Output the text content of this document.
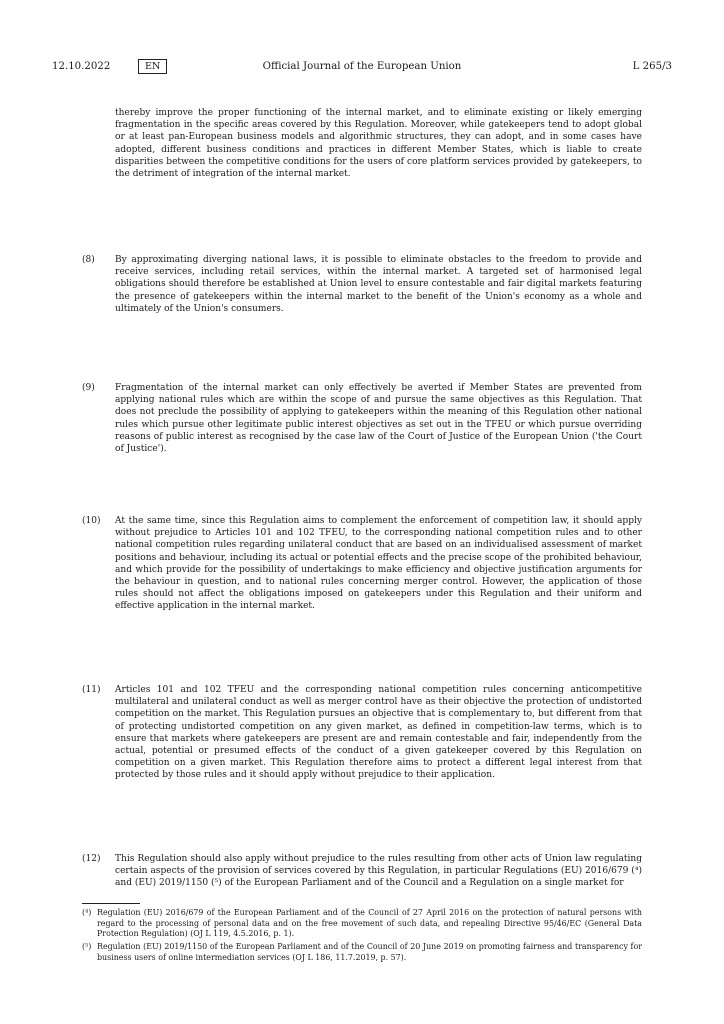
12.10.2022	EN	Official Journal of the European Union	L 265/3
thereby improve the proper functioning of the internal market, and to eliminate existing or likely emerging fragmentation in the specific areas covered by this Regulation. Moreover, while gatekeepers tend to adopt global or at least pan-European business models and algorithmic structures, they can adopt, and in some cases have adopted, different business conditions and practices in different Member States, which is liable to create disparities between the competitive conditions for the users of core platform services provided by gatekeepers, to the detriment of integration of the internal market.
(8) By approximating diverging national laws, it is possible to eliminate obstacles to the freedom to provide and receive services, including retail services, within the internal market. A targeted set of harmonised legal obligations should therefore be established at Union level to ensure contestable and fair digital markets featuring the presence of gatekeepers within the internal market to the benefit of the Union's economy as a whole and ultimately of the Union's consumers.
(9) Fragmentation of the internal market can only effectively be averted if Member States are prevented from applying national rules which are within the scope of and pursue the same objectives as this Regulation. That does not preclude the possibility of applying to gatekeepers within the meaning of this Regulation other national rules which pursue other legitimate public interest objectives as set out in the TFEU or which pursue overriding reasons of public interest as recognised by the case law of the Court of Justice of the European Union ('the Court of Justice').
(10) At the same time, since this Regulation aims to complement the enforcement of competition law, it should apply without prejudice to Articles 101 and 102 TFEU, to the corresponding national competition rules and to other national competition rules regarding unilateral conduct that are based on an individualised assessment of market positions and behaviour, including its actual or potential effects and the precise scope of the prohibited behaviour, and which provide for the possibility of undertakings to make efficiency and objective justification arguments for the behaviour in question, and to national rules concerning merger control. However, the application of those rules should not affect the obligations imposed on gatekeepers under this Regulation and their uniform and effective application in the internal market.
(11) Articles 101 and 102 TFEU and the corresponding national competition rules concerning anticompetitive multilateral and unilateral conduct as well as merger control have as their objective the protection of undistorted competition on the market. This Regulation pursues an objective that is complementary to, but different from that of protecting undistorted competition on any given market, as defined in competition-law terms, which is to ensure that markets where gatekeepers are present are and remain contestable and fair, independently from the actual, potential or presumed effects of the conduct of a given gatekeeper covered by this Regulation on competition on a given market. This Regulation therefore aims to protect a different legal interest from that protected by those rules and it should apply without prejudice to their application.
(12) This Regulation should also apply without prejudice to the rules resulting from other acts of Union law regulating certain aspects of the provision of services covered by this Regulation, in particular Regulations (EU) 2016/679 (⁴) and (EU) 2019/1150 (⁵) of the European Parliament and of the Council and a Regulation on a single market for
(⁴) Regulation (EU) 2016/679 of the European Parliament and of the Council of 27 April 2016 on the protection of natural persons with regard to the processing of personal data and on the free movement of such data, and repealing Directive 95/46/EC (General Data Protection Regulation) (OJ L 119, 4.5.2016, p. 1).
(⁵) Regulation (EU) 2019/1150 of the European Parliament and of the Council of 20 June 2019 on promoting fairness and transparency for business users of online intermediation services (OJ L 186, 11.7.2019, p. 57).
